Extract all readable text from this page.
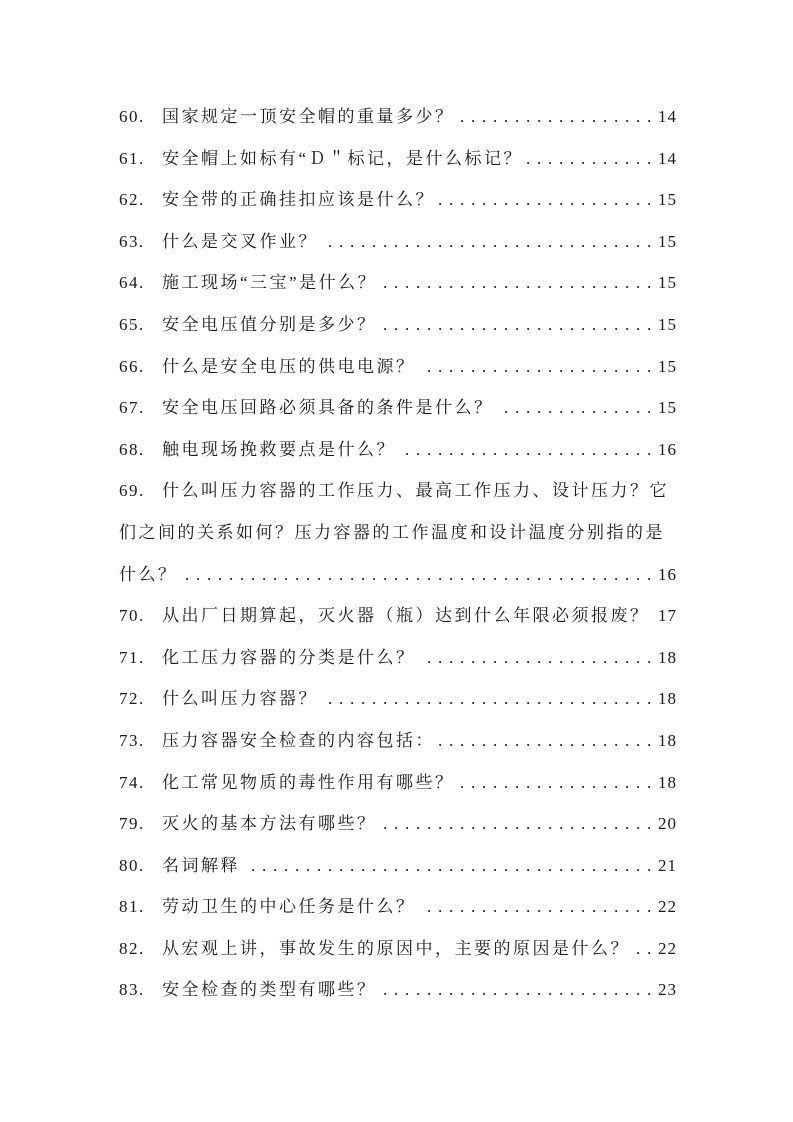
.....
60. 国家规定一顶安全帽的重量多少？	14
.....
61. 安全帽上如标有“Ｄ＂标记，是什么标记？	14
.....
62. 安全带的正确挂扣应该是什么？	15
.....
63. 什么是交叉作业？	15
.....
64. 施工现场“三宝”是什么？	15
.....
65. 安全电压值分别是多少？	15
.....
66. 什么是安全电压的供电电源？	15
.....
67. 安全电压回路必须具备的条件是什么？	15
.....
68. 触电现场挽救要点是什么？	16
.....
69. 什么叫压力容器的工作压力、最高工作压力、设计压力？它们之间的关系如何？压力容器的工作温度和设计温度分别指的是什么？	16
.....
70. 从出厂日期算起，灭火器（瓶）达到什么年限必须报废？ 17
.....
71. 化工压力容器的分类是什么？	18
.....
72. 什么叫压力容器？	18
.....
73. 压力容器安全检查的内容包括：	18
.....
74. 化工常见物质的毒性作用有哪些？	18
.....
79. 灭火的基本方法有哪些？	20
.....
80. 名词解释	21
.....
81. 劳动卫生的中心任务是什么？	22
.....
82. 从宏观上讲，事故发生的原因中，主要的原因是什么？	22
.....
83. 安全检查的类型有哪些？	23
